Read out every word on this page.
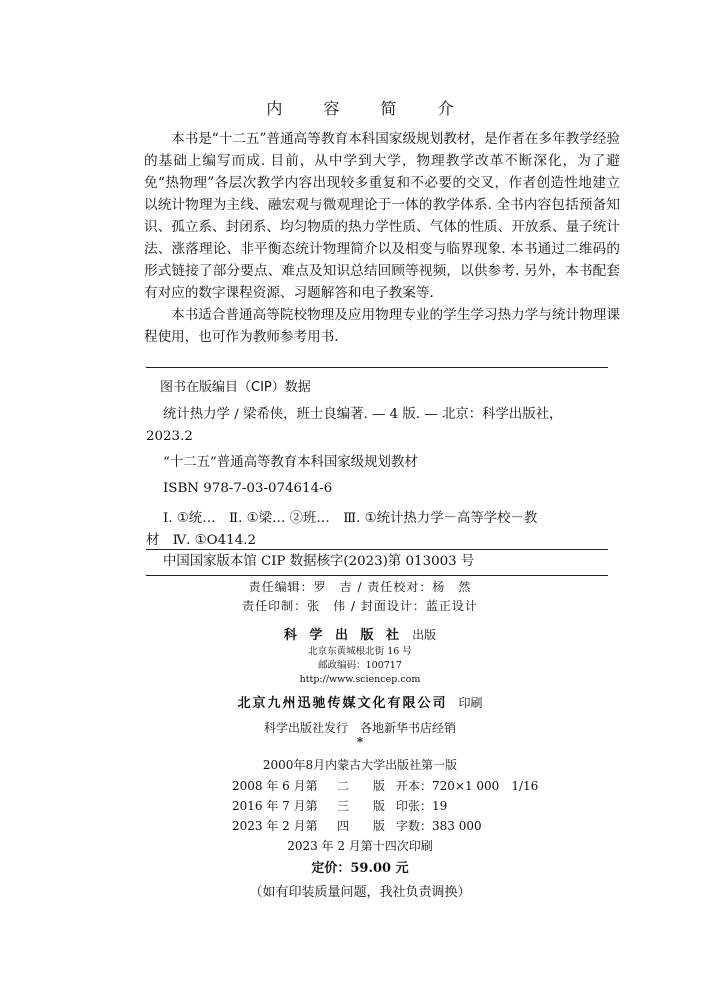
内 容 简 介

本书是“十二五”普通高等教育本科国家级规划教材，是作者在多年教学经验的基础上编写而成. 目前，从中学到大学，物理教学改革不断深化，为了避免“热物理”各层次教学内容出现较多重复和不必要的交叉，作者创造性地建立以统计物理为主线、融宏观与微观理论于一体的教学体系. 全书内容包括预备知识、孤立系、封闭系、均匀物质的热力学性质、气体的性质、开放系、量子统计法、涨落理论、非平衡态统计物理简介以及相变与临界现象. 本书通过二维码的形式链接了部分要点、难点及知识总结回顾等视频，以供参考. 另外，本书配套有对应的数字课程资源、习题解答和电子教案等.

本书适合普通高等院校物理及应用物理专业的学生学习热力学与统计物理课程使用，也可作为教师参考用书.

图书在版编目（CIP）数据
统计热力学 / 梁希侠，班士良编著. — 4 版. — 北京：科学出版社，
2023.2
“十二五”普通高等教育本科国家级规划教材
ISBN 978-7-03-074614-6
Ⅰ. ①统…　Ⅱ. ①梁… ②班…　Ⅲ. ①统计热力学－高等学校－教
材　Ⅳ. ①O414.2
中国国家版本馆 CIP 数据核字(2023)第 013003 号
责任编辑：罗　吉 / 责任校对：杨　然
责任印制：张　伟 / 封面设计：蓝正设计
科 学 出 版 社 出版
北京东黄城根北街 16 号
邮政编码：100717
http://www.sciencep.com
北京九州迅驰传媒文化有限公司 印刷
科学出版社发行　各地新华书店经销
*
2000年8月内蒙古大学出版社第一版
2008 年 6 月第 二 版 开本：720×1 000　1/16
2016 年 7 月第 三 版 印张：19
2023 年 2 月第 四 版 字数：383 000
2023 年 2 月第十四次印刷
定价：59.00 元
（如有印装质量问题，我社负责调换）
